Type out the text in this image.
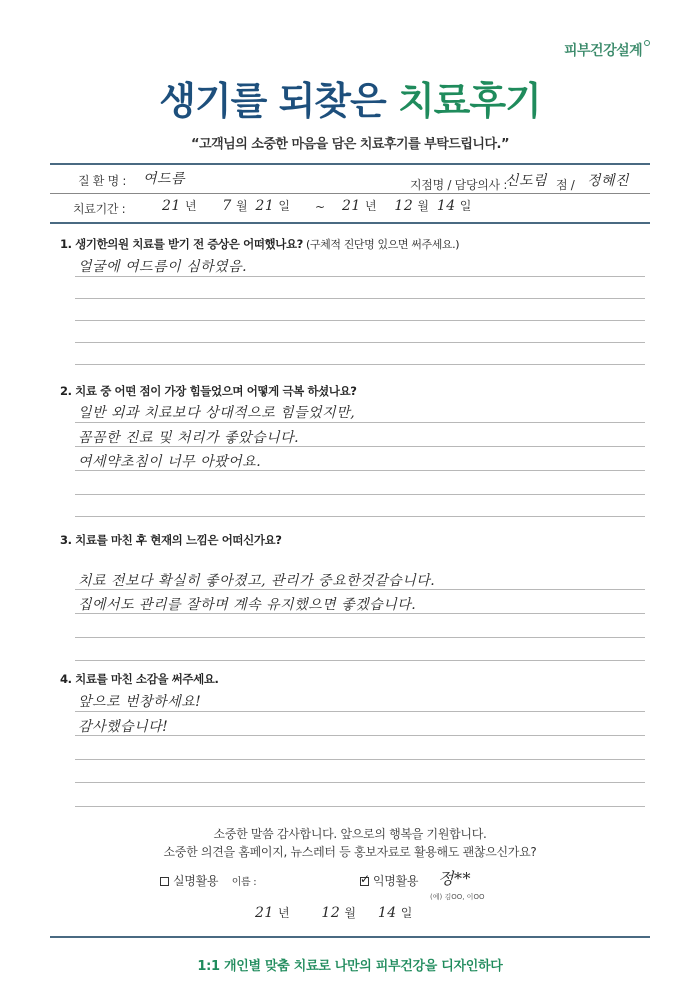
피부건강설계
생기를 되찾은 치료후기
“고객님의 소중한 마음을 담은 치료후기를 부탁드립니다.”
질 환 명 : 여드름	지점명 / 담당의사 :
신도림 점 / 정혜진
치료기간 :	21 년 7 월 21 일 ~ 21 년 12 월 14 일
1. 생기한의원 치료를 받기 전 증상은 어떠했나요? (구체적 진단명 있으면 써주세요.)
얼굴에 여드름이 심하였음.
2. 치료 중 어떤 점이 가장 힘들었으며 어떻게 극복 하셨나요?
일반 외과 치료보다 상대적으로 힘들었지만,
꼼꼼한 진료 및 처리가 좋았습니다.
여세약초침이 너무 아팠어요.
3. 치료를 마친 후 현재의 느낌은 어떠신가요?
치료 전보다 확실히 좋아졌고, 관리가 중요한것같습니다.
집에서도 관리를 잘하며 계속 유지했으면 좋겠습니다.
4. 치료를 마친 소감을 써주세요.
앞으로 번창하세요!
감사했습니다!
소중한 말씀 감사합니다. 앞으로의 행복을 기원합니다.
소중한 의견을 홈페이지, 뉴스레터 등 홍보자료로 활용해도 괜찮으신가요?
실명활용 이름 :	✓ 익명활용 정**
(예) 김OO, 이OO
21 년 12 월 14 일
1:1 개인별 맞춤 치료로 나만의 피부건강을 디자인하다
